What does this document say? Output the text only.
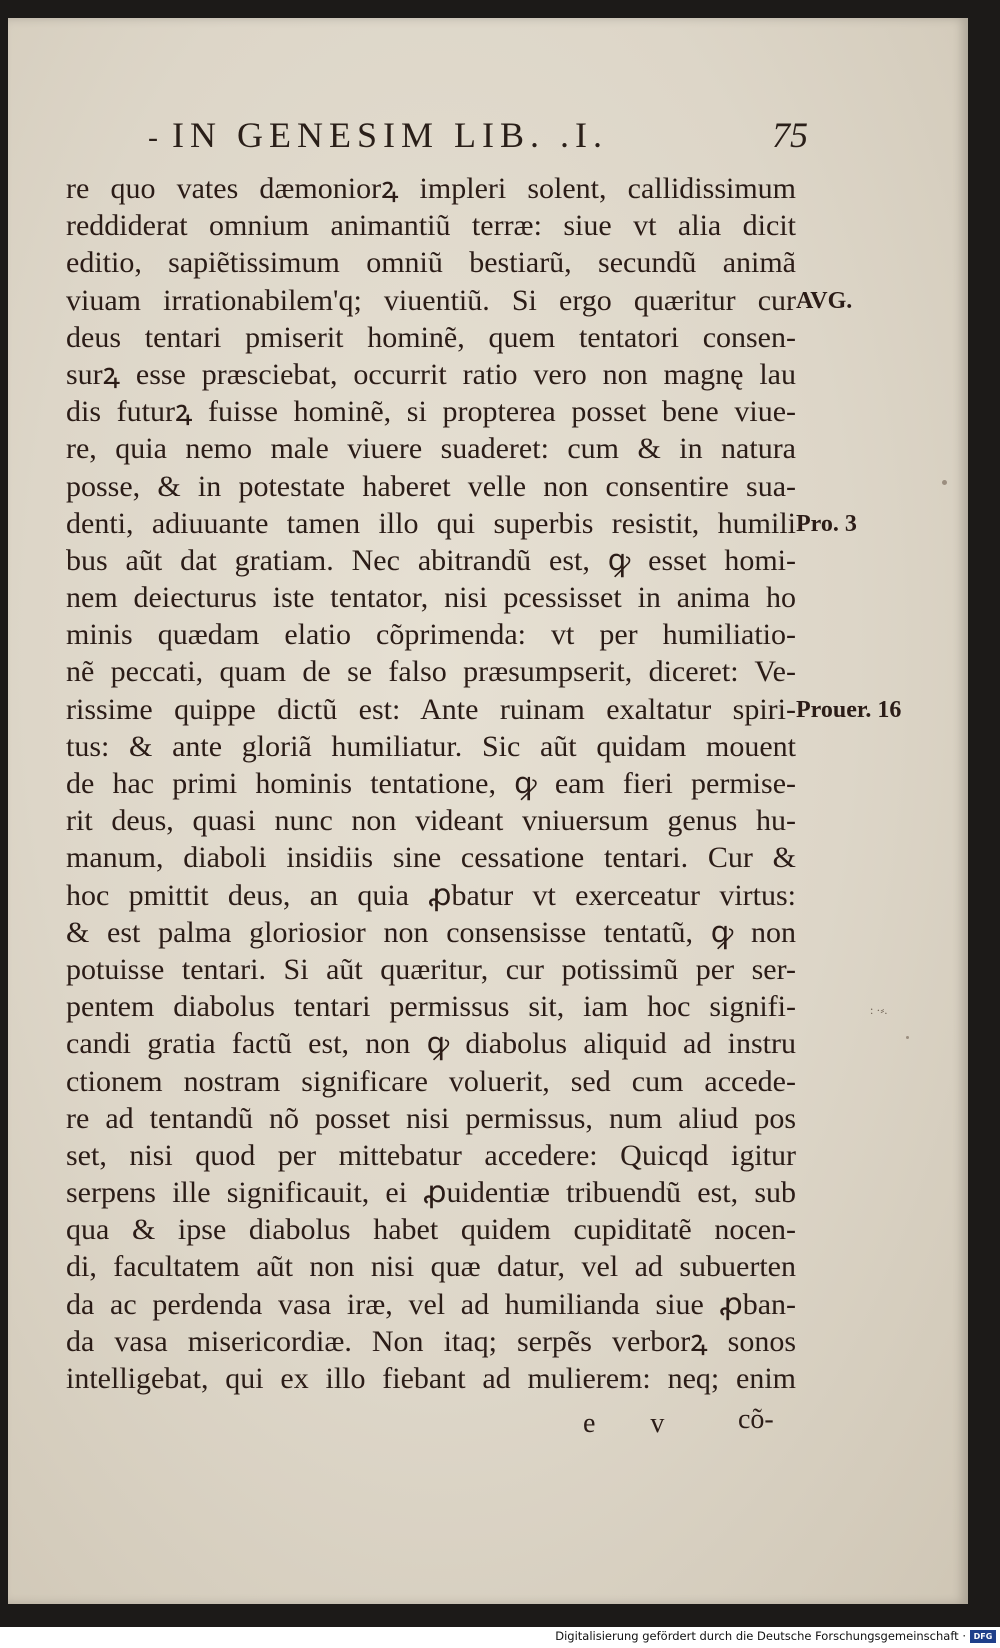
- IN GENESIM LIB. .I.	75
re quo vates dæmoniorꝝ impleri solent, callidissimum
reddiderat omnium animantiũ terræ: siue vt alia dicit
editio, sapiẽtissimum omniũ bestiarũ, secundũ animã
viuam irrationabilem'q; viuentiũ. Si ergo quæritur cur
deus tentari pmiserit hominẽ, quem tentatori consen-
surꝝ esse præsciebat, occurrit ratio vero non magnę lau
dis futurꝝ fuisse hominẽ, si propterea posset bene viue-
re, quia nemo male viuere suaderet: cum & in natura
posse, & in potestate haberet velle non consentire sua-
denti, adiuuante tamen illo qui superbis resistit, humili
bus aũt dat gratiam. Nec abitrandũ est, ꝙ esset homi-
nem deiecturus iste tentator, nisi pcessisset in anima ho
minis quædam elatio cõprimenda: vt per humiliatio-
nẽ peccati, quam de se falso præsumpserit, diceret: Ve-
rissime quippe dictũ est: Ante ruinam exaltatur spiri-
tus: & ante gloriã humiliatur. Sic aũt quidam mouent
de hac primi hominis tentatione, ꝙ eam fieri permise-
rit deus, quasi nunc non videant vniuersum genus hu-
manum, diaboli insidiis sine cessatione tentari. Cur &
hoc pmittit deus, an quia ꝓbatur vt exerceatur virtus:
& est palma gloriosior non consensisse tentatũ, ꝙ non
potuisse tentari. Si aũt quæritur, cur potissimũ per ser-
pentem diabolus tentari permissus sit, iam hoc signifi-
candi gratia factũ est, non ꝙ diabolus aliquid ad instru
ctionem nostram significare voluerit, sed cum accede-
re ad tentandũ nõ posset nisi permissus, num aliud pos
set, nisi quod per mittebatur accedere: Quicqd igitur
serpens ille significauit, ei ꝓuidentiæ tribuendũ est, sub
qua & ipse diabolus habet quidem cupiditatẽ nocen-
di, facultatem aũt non nisi quæ datur, vel ad subuerten
da ac perdenda vasa iræ, vel ad humilianda siue ꝓban-
da vasa misericordiæ. Non itaq; serpẽs verborꝝ sonos
intelligebat, qui ex illo fiebant ad mulierem: neq; enim
AVG.
Pro. 3
Prouer. 16
: ·⸗.
e v cõ-
Digitalisierung gefördert durch die Deutsche Forschungsgemeinschaft · DFG
